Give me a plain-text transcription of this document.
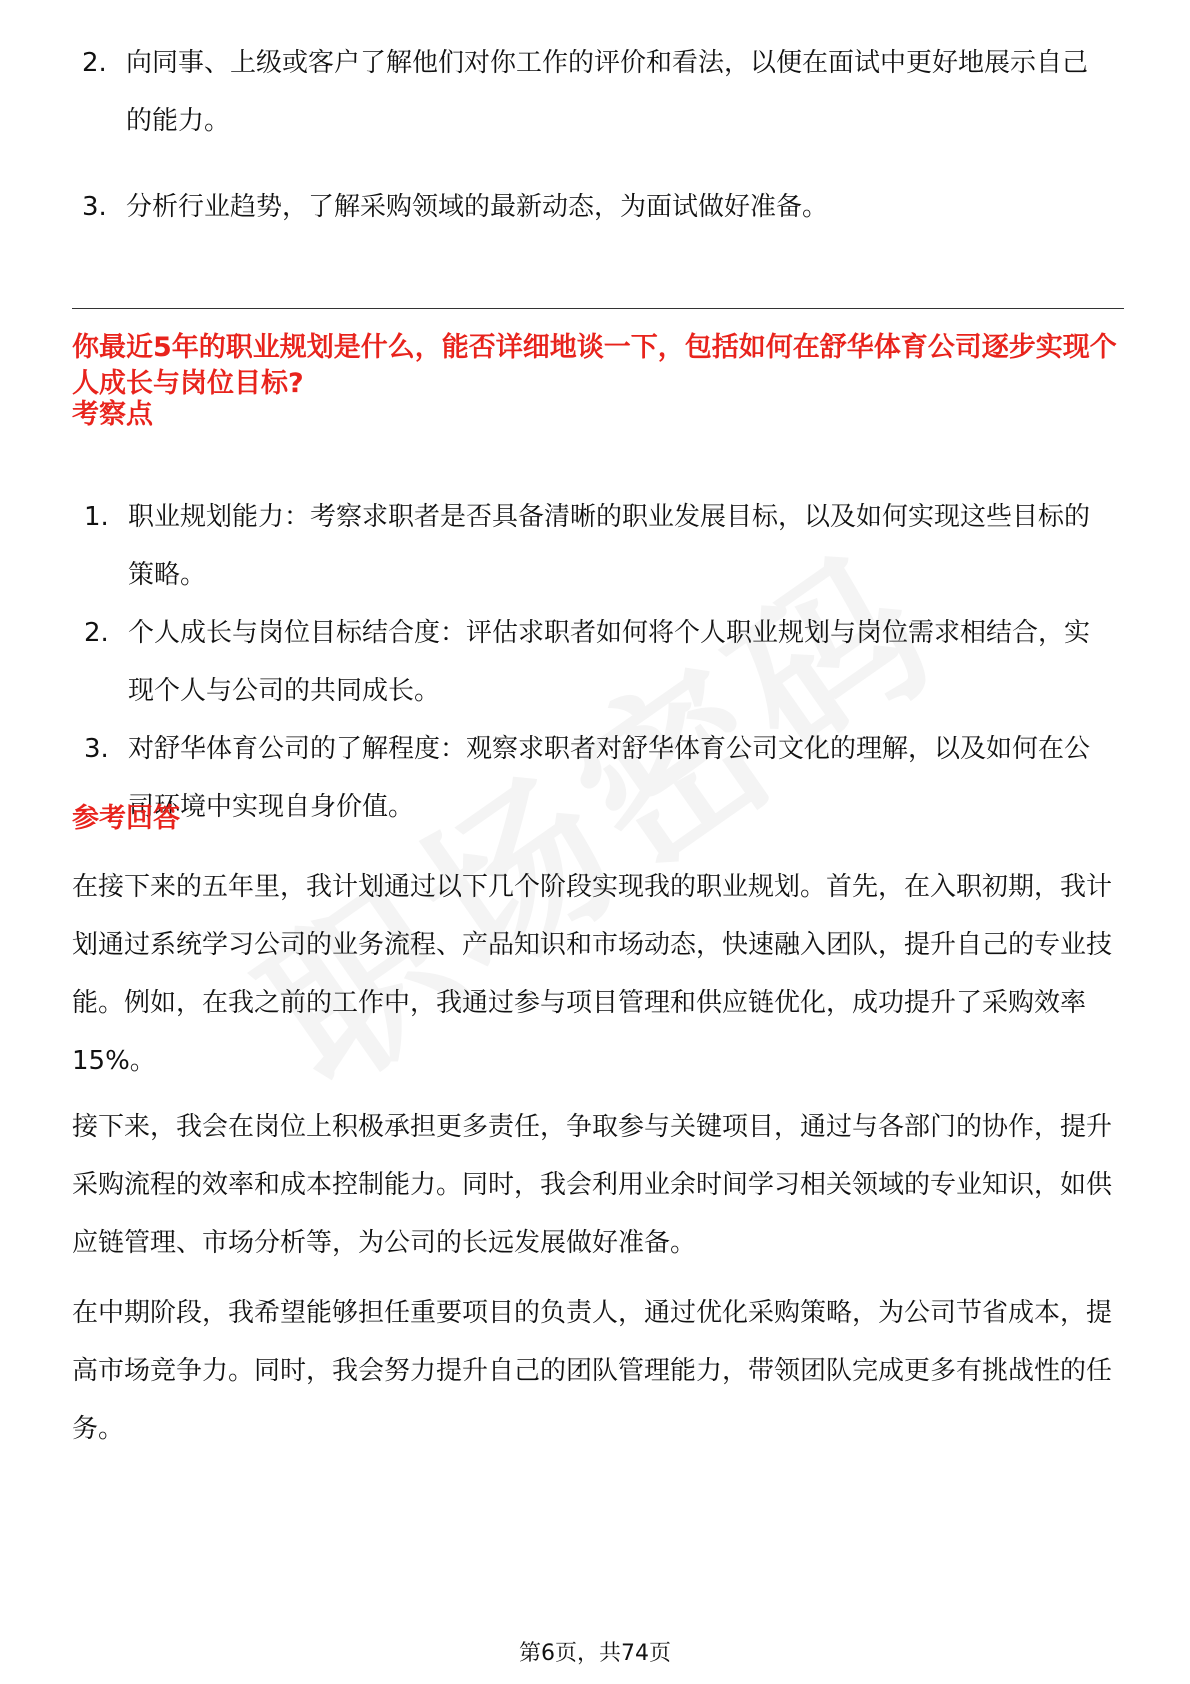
2. 向同事、上级或客户了解他们对你工作的评价和看法，以便在面试中更好地展示自己的能力。
3. 分析行业趋势，了解采购领域的最新动态，为面试做好准备。
你最近5年的职业规划是什么，能否详细地谈一下，包括如何在舒华体育公司逐步实现个人成长与岗位目标?
考察点
1. 职业规划能力：考察求职者是否具备清晰的职业发展目标，以及如何实现这些目标的策略。
2. 个人成长与岗位目标结合度：评估求职者如何将个人职业规划与岗位需求相结合，实现个人与公司的共同成长。
3. 对舒华体育公司的了解程度：观察求职者对舒华体育公司文化的理解，以及如何在公司环境中实现自身价值。
参考回答

在接下来的五年里，我计划通过以下几个阶段实现我的职业规划。首先，在入职初期，我计划通过系统学习公司的业务流程、产品知识和市场动态，快速融入团队，提升自己的专业技能。例如，在我之前的工作中，我通过参与项目管理和供应链优化，成功提升了采购效率15%。

接下来，我会在岗位上积极承担更多责任，争取参与关键项目，通过与各部门的协作，提升采购流程的效率和成本控制能力。同时，我会利用业余时间学习相关领域的专业知识，如供应链管理、市场分析等，为公司的长远发展做好准备。

在中期阶段，我希望能够担任重要项目的负责人，通过优化采购策略，为公司节省成本，提高市场竞争力。同时，我会努力提升自己的团队管理能力，带领团队完成更多有挑战性的任务。

第6页，共74页
